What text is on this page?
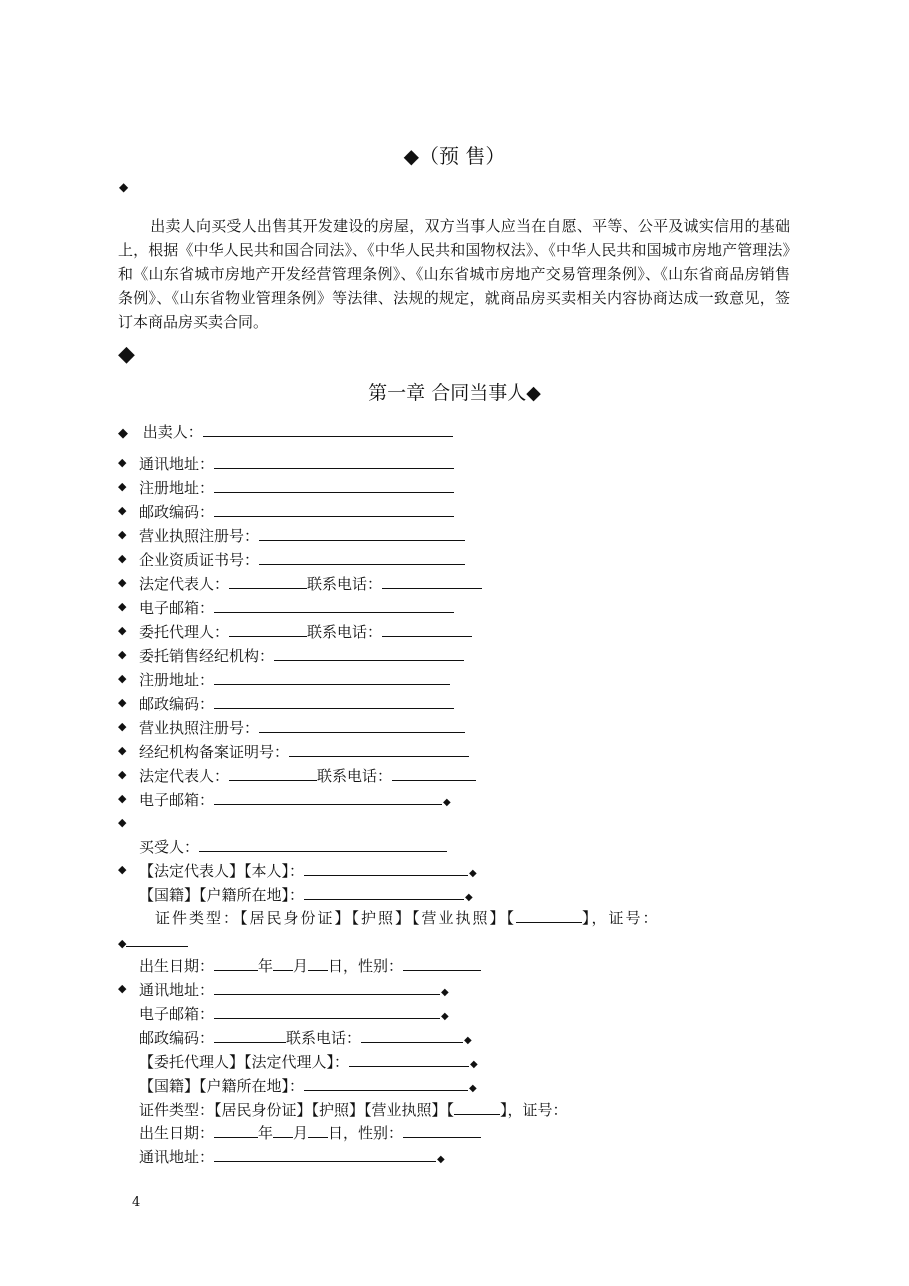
◆（预 售）
◆
出卖人向买受人出售其开发建设的房屋，双方当事人应当在自愿、平等、公平及诚实信用的基础上，根据《中华人民共和国合同法》、《中华人民共和国物权法》、《中华人民共和国城市房地产管理法》和《山东省城市房地产开发经营管理条例》、《山东省城市房地产交易管理条例》、《山东省商品房销售条例》、《山东省物业管理条例》等法律、法规的规定，就商品房买卖相关内容协商达成一致意见，签订本商品房买卖合同。
◆
第一章 合同当事人◆
◆ 出卖人：
◆ 通讯地址：
◆ 注册地址：
◆ 邮政编码：
◆ 营业执照注册号：
◆ 企业资质证书号：
◆ 法定代表人：	联系电话：
◆ 电子邮箱：
◆ 委托代理人：	联系电话：
◆ 委托销售经纪机构：
◆ 注册地址：
◆ 邮政编码：
◆ 营业执照注册号：
◆ 经纪机构备案证明号：
◆ 法定代表人：	联系电话：
◆ 电子邮箱：	◆
◆
买受人：
◆ 【法定代表人】【本人】：	◆
【国籍】【户籍所在地】：	◆
证件类型：【居民身份证】【护照】【营业执照】【	】，证号：
◆
出生日期：	年 月 日，性别：
◆ 通讯地址：	◆
电子邮箱：	◆
邮政编码：	联系电话：	◆
【委托代理人】【法定代理人】：	◆
【国籍】【户籍所在地】：	◆
证件类型：【居民身份证】【护照】【营业执照】【	】，证号：
出生日期：	年 月 日，性别：
通讯地址：	◆
4
